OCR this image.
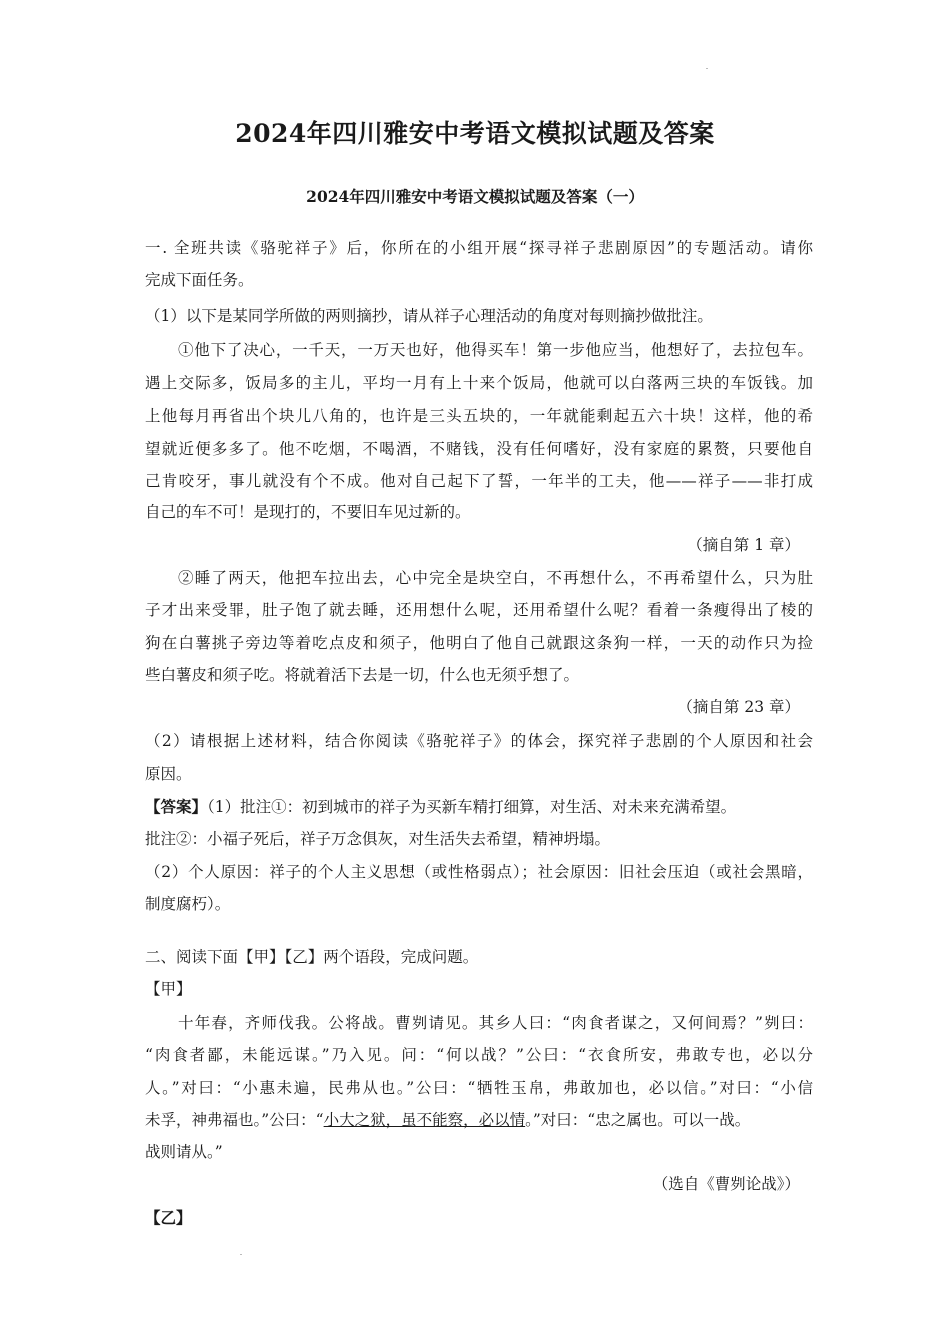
2024年四川雅安中考语文模拟试题及答案
2024年四川雅安中考语文模拟试题及答案（一）
一. 全班共读《骆驼祥子》后，你所在的小组开展“探寻祥子悲剧原因”的专题活动。请你
完成下面任务。
（1）以下是某同学所做的两则摘抄，请从祥子心理活动的角度对每则摘抄做批注。
①他下了决心，一千天，一万天也好，他得买车！第一步他应当，他想好了，去拉包车。
遇上交际多，饭局多的主儿，平均一月有上十来个饭局，他就可以白落两三块的车饭钱。加
上他每月再省出个块儿八角的，也许是三头五块的，一年就能剩起五六十块！这样，他的希
望就近便多多了。他不吃烟，不喝酒，不赌钱，没有任何嗜好，没有家庭的累赘，只要他自
己肯咬牙，事儿就没有个不成。他对自己起下了誓，一年半的工夫，他——祥子——非打成
自己的车不可！是现打的，不要旧车见过新的。
（摘自第 1 章）
②睡了两天，他把车拉出去，心中完全是块空白，不再想什么，不再希望什么，只为肚
子才出来受罪，肚子饱了就去睡，还用想什么呢，还用希望什么呢？看着一条瘦得出了棱的
狗在白薯挑子旁边等着吃点皮和须子，他明白了他自己就跟这条狗一样，一天的动作只为捡
些白薯皮和须子吃。将就着活下去是一切，什么也无须乎想了。
（摘自第 23 章）
（2）请根据上述材料，结合你阅读《骆驼祥子》的体会，探究祥子悲剧的个人原因和社会
原因。
【答案】（1）批注①：初到城市的祥子为买新车精打细算，对生活、对未来充满希望。
批注②：小福子死后，祥子万念俱灰，对生活失去希望，精神坍塌。
（2）个人原因：祥子的个人主义思想（或性格弱点）；社会原因：旧社会压迫（或社会黑暗，
制度腐朽）。
二、阅读下面【甲】【乙】两个语段，完成问题。
【甲】
十年春，齐师伐我。公将战。曹刿请见。其乡人曰：“肉食者谋之，又何间焉？”刿曰：
“肉食者鄙，未能远谋。”乃入见。问：“何以战？”公曰：“衣食所安，弗敢专也，必以分
人。”对曰：“小惠未遍，民弗从也。”公曰：“牺牲玉帛，弗敢加也，必以信。”对曰：“小信
未孚，神弗福也。”公曰：“小大之狱，虽不能察，必以情。”对曰：“忠之属也。可以一战。
战则请从。”
（选自《曹刿论战》）
【乙】
